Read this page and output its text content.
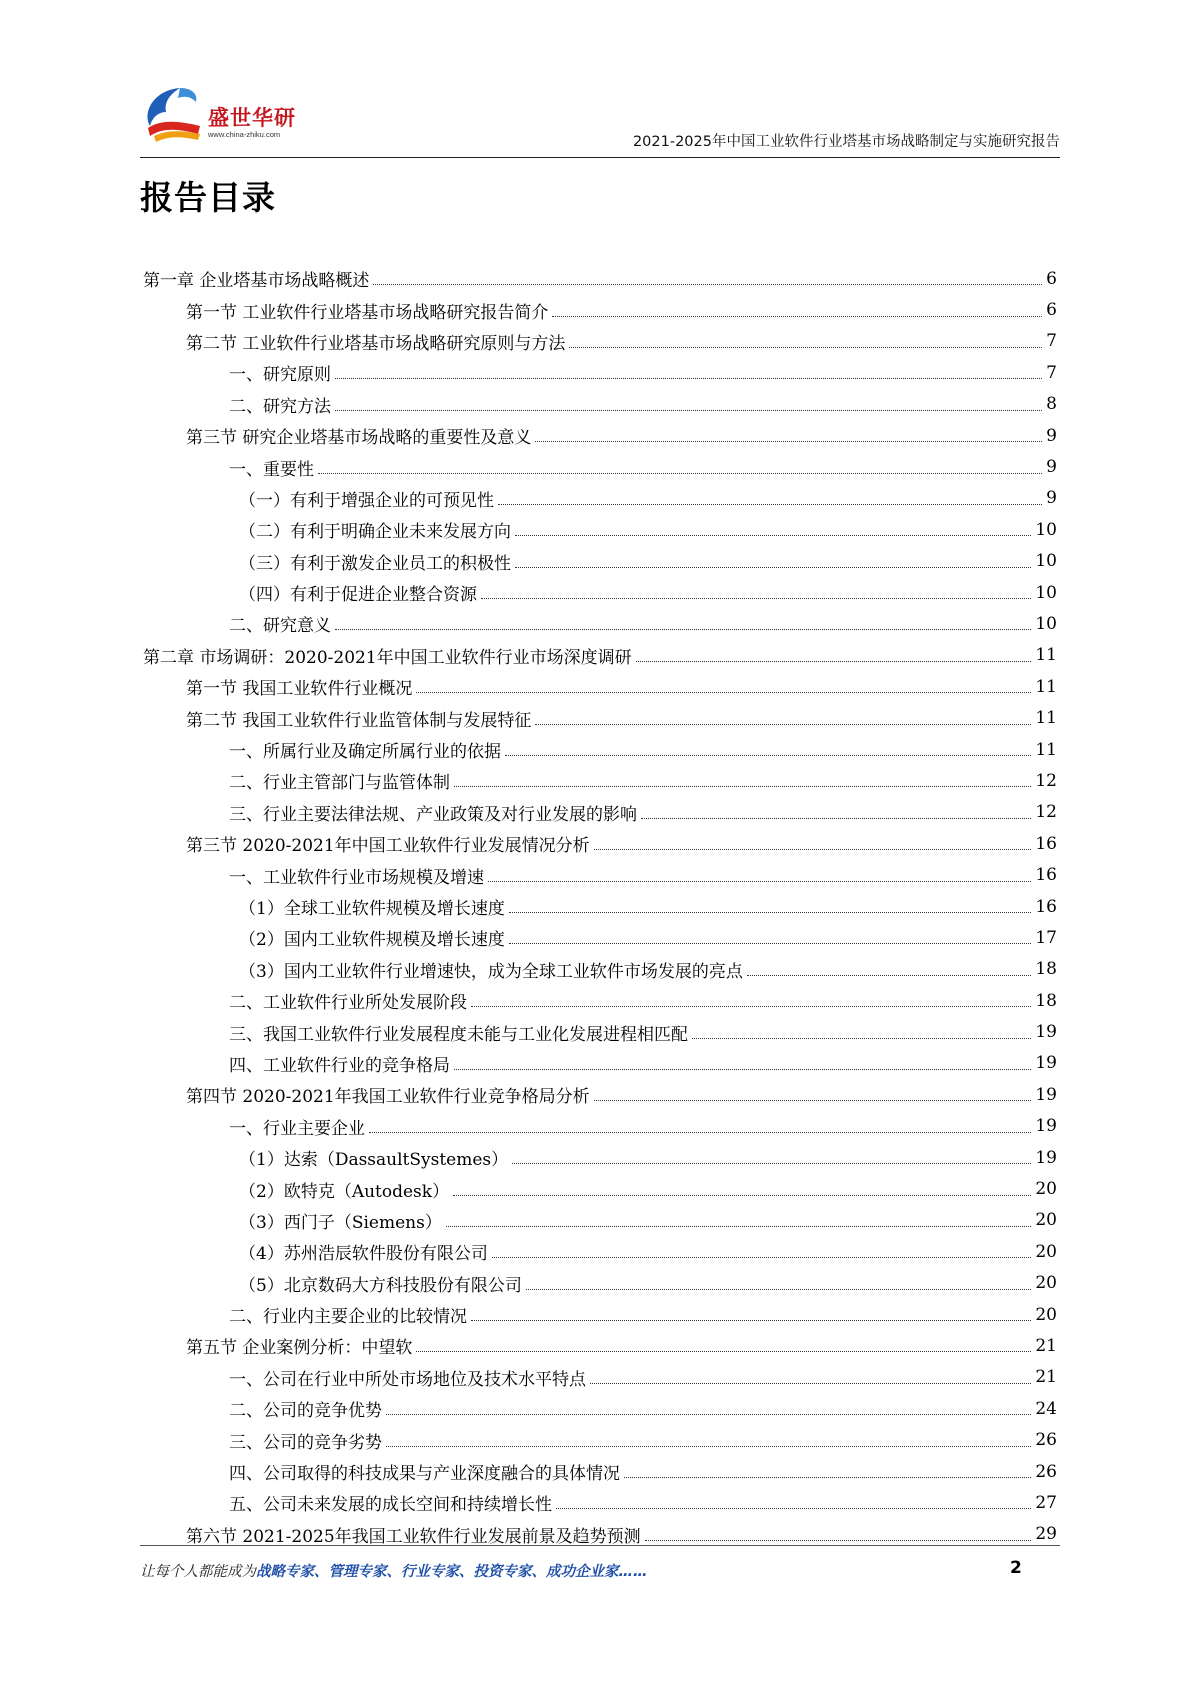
盛世华研
www.china-zhiku.com	2021-2025年中国工业软件行业塔基市场战略制定与实施研究报告
报告目录
第一章 企业塔基市场战略概述	6
第一节 工业软件行业塔基市场战略研究报告简介	6
第二节 工业软件行业塔基市场战略研究原则与方法	7
一、研究原则	7
二、研究方法	8
第三节 研究企业塔基市场战略的重要性及意义	9
一、重要性	9
（一）有利于增强企业的可预见性	9
（二）有利于明确企业未来发展方向	10
（三）有利于激发企业员工的积极性	10
（四）有利于促进企业整合资源	10
二、研究意义	10
第二章 市场调研：2020-2021年中国工业软件行业市场深度调研	11
第一节 我国工业软件行业概况	11
第二节 我国工业软件行业监管体制与发展特征	11
一、所属行业及确定所属行业的依据	11
二、行业主管部门与监管体制	12
三、行业主要法律法规、产业政策及对行业发展的影响	12
第三节 2020-2021年中国工业软件行业发展情况分析	16
一、工业软件行业市场规模及增速	16
（1）全球工业软件规模及增长速度	16
（2）国内工业软件规模及增长速度	17
（3）国内工业软件行业增速快，成为全球工业软件市场发展的亮点	18
二、工业软件行业所处发展阶段	18
三、我国工业软件行业发展程度未能与工业化发展进程相匹配	19
四、工业软件行业的竞争格局	19
第四节 2020-2021年我国工业软件行业竞争格局分析	19
一、行业主要企业	19
（1）达索（DassaultSystemes）	19
（2）欧特克（Autodesk）	20
（3）西门子（Siemens）	20
（4）苏州浩辰软件股份有限公司	20
（5）北京数码大方科技股份有限公司	20
二、行业内主要企业的比较情况	20
第五节 企业案例分析：中望软	21
一、公司在行业中所处市场地位及技术水平特点	21
二、公司的竞争优势	24
三、公司的竞争劣势	26
四、公司取得的科技成果与产业深度融合的具体情况	26
五、公司未来发展的成长空间和持续增长性	27
第六节 2021-2025年我国工业软件行业发展前景及趋势预测	29
让每个人都能成为战略专家、管理专家、行业专家、投资专家、成功企业家……	2
